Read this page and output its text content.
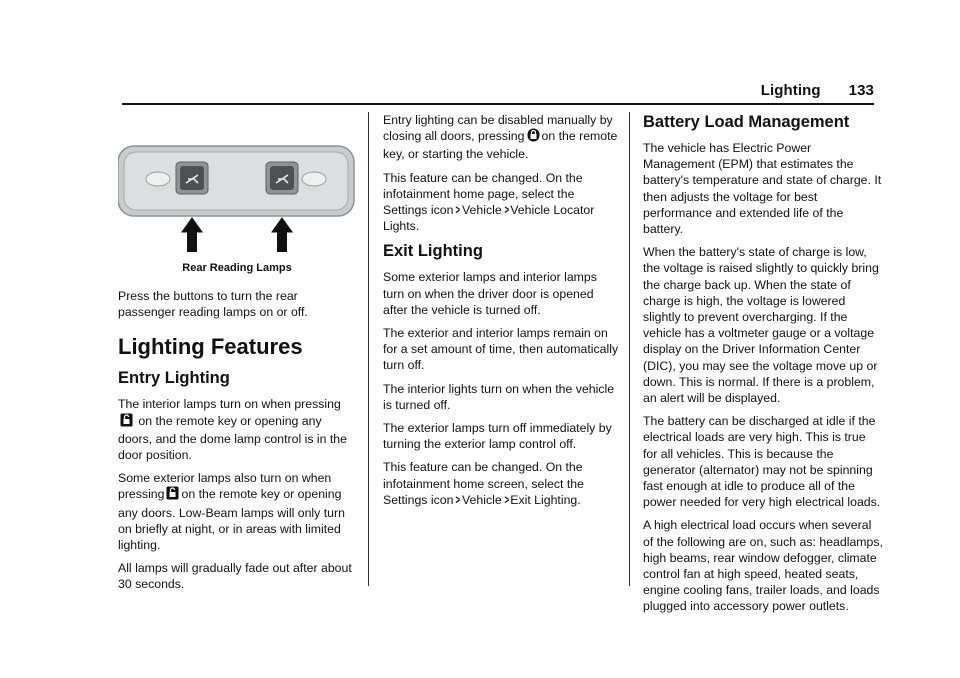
Lighting 133
Rear Reading Lamps

Press the buttons to turn the rear passenger reading lamps on or off.

Lighting Features
Entry Lighting

The interior lamps turn on when pressing on the remote key or opening any doors, and the dome lamp control is in the door position.

Some exterior lamps also turn on when pressing on the remote key or opening any doors. Low-Beam lamps will only turn on briefly at night, or in areas with limited lighting.

All lamps will gradually fade out after about 30 seconds.

Entry lighting can be disabled manually by closing all doors, pressing on the remote key, or starting the vehicle.

This feature can be changed. On the infotainment home page, select the Settings icon > Vehicle > Vehicle Locator Lights.

Exit Lighting

Some exterior lamps and interior lamps turn on when the driver door is opened after the vehicle is turned off.

The exterior and interior lamps remain on for a set amount of time, then automatically turn off.

The interior lights turn on when the vehicle is turned off.

The exterior lamps turn off immediately by turning the exterior lamp control off.

This feature can be changed. On the infotainment home screen, select the Settings icon > Vehicle > Exit Lighting.

Battery Load Management

The vehicle has Electric Power Management (EPM) that estimates the battery's temperature and state of charge. It then adjusts the voltage for best performance and extended life of the battery.

When the battery's state of charge is low, the voltage is raised slightly to quickly bring the charge back up. When the state of charge is high, the voltage is lowered slightly to prevent overcharging. If the vehicle has a voltmeter gauge or a voltage display on the Driver Information Center (DIC), you may see the voltage move up or down. This is normal. If there is a problem, an alert will be displayed.

The battery can be discharged at idle if the electrical loads are very high. This is true for all vehicles. This is because the generator (alternator) may not be spinning fast enough at idle to produce all of the power needed for very high electrical loads.

A high electrical load occurs when several of the following are on, such as: headlamps, high beams, rear window defogger, climate control fan at high speed, heated seats, engine cooling fans, trailer loads, and loads plugged into accessory power outlets.
